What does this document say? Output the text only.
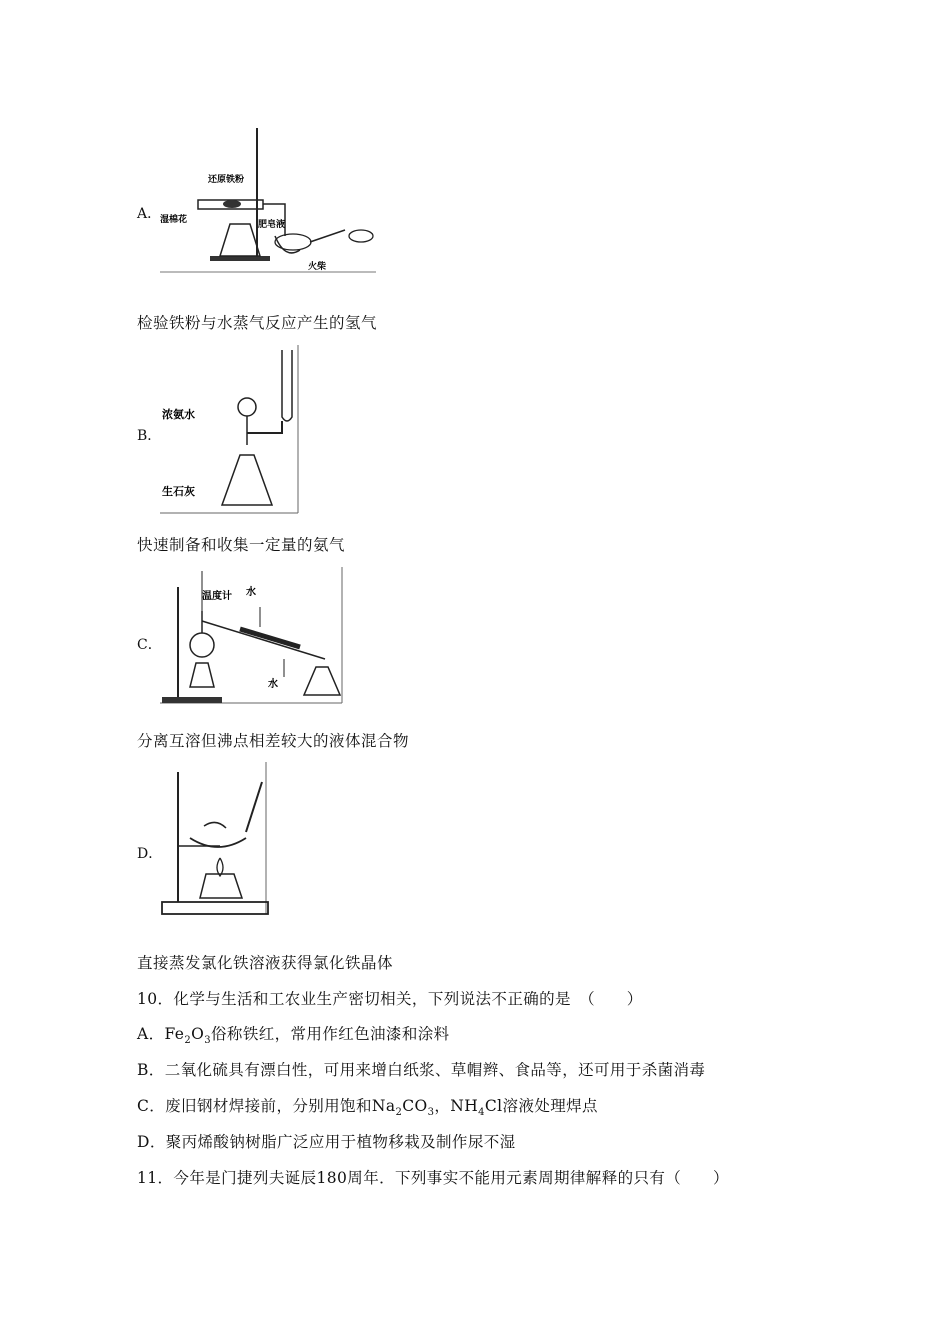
A．
还原铁粉
湿棉花	肥皂液
火柴
检验铁粉与水蒸气反应产生的氢气
B．
浓氨水
生石灰
快速制备和收集一定量的氨气
C．
温度计 水
水
分离互溶但沸点相差较大的液体混合物
D．
直接蒸发氯化铁溶液获得氯化铁晶体
10．化学与生活和工农业生产密切相关，下列说法不正确的是　（　　）
A．$Fe_2O_3$俗称铁红，常用作红色油漆和涂料
B．二氧化硫具有漂白性，可用来增白纸浆、草帽辫、食品等，还可用于杀菌消毒
C．废旧钢材焊接前，分别用饱和$Na_2CO_3$，$NH_4Cl$溶液处理焊点
D．聚丙烯酸钠树脂广泛应用于植物移栽及制作尿不湿
11．今年是门捷列夫诞辰180周年．下列事实不能用元素周期律解释的只有（　　）
